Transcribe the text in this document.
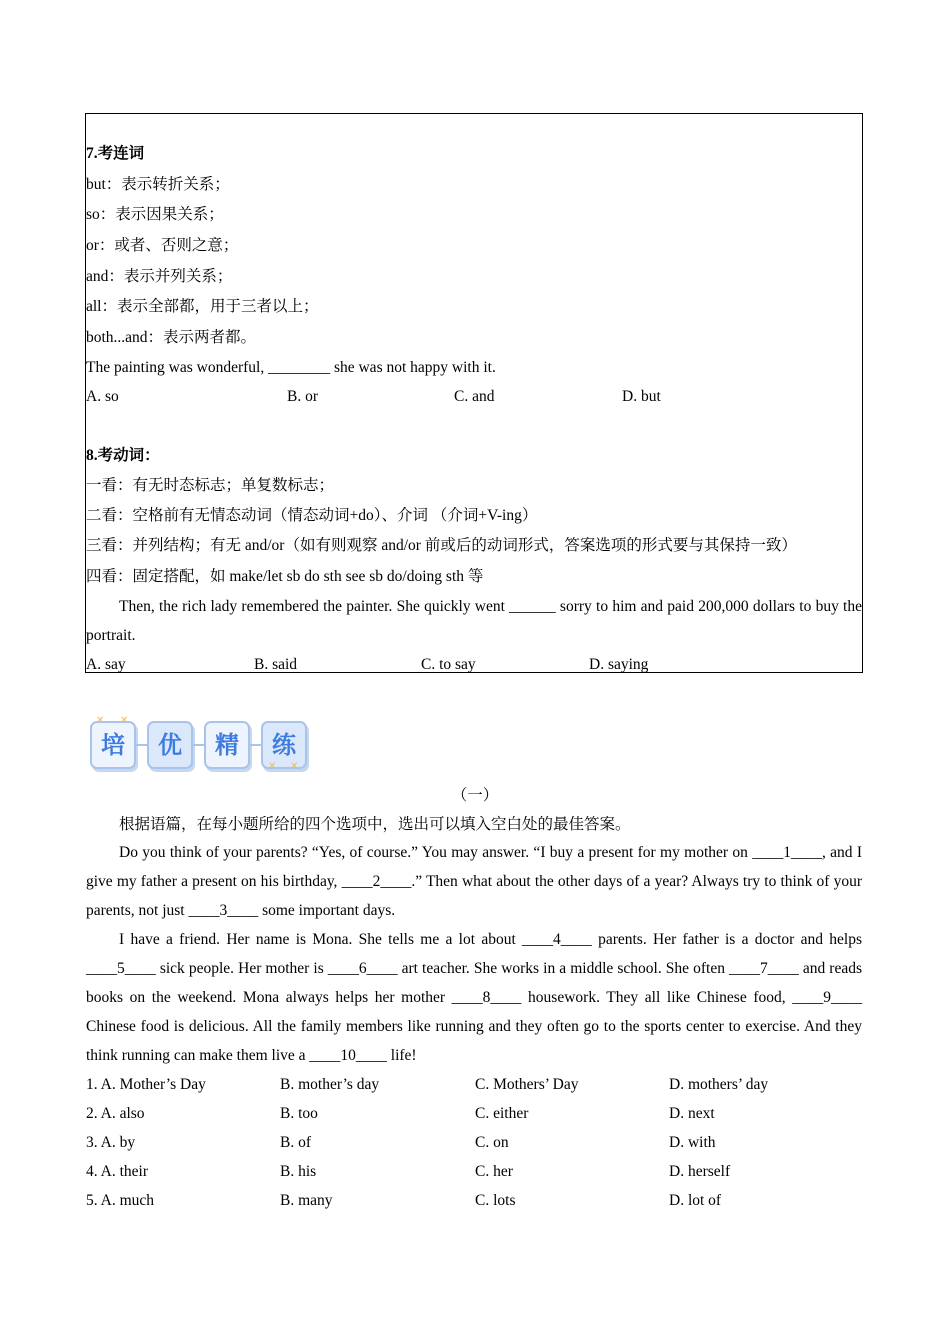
7.考连词
but：表示转折关系；
so：表示因果关系；
or：或者、否则之意；
and：表示并列关系；
all：表示全部都，用于三者以上；
both...and：表示两者都。
The painting was wonderful, ________ she was not happy with it.
A. so	B. or	C. and	D. but
8.考动词：
一看：有无时态标志；单复数标志；
二看：空格前有无情态动词（情态动词+do）、介词 （介词+V-ing）
三看：并列结构；有无 and/or（如有则观察 and/or 前或后的动词形式，答案选项的形式要与其保持一致）
四看：固定搭配，如 make/let sb do sth see sb do/doing sth 等
Then, the rich lady remembered the painter. She quickly went ______ sorry to him and paid 200,000 dollars to buy the portrait.
A. say	B. said	C. to say	D. saying
培	优	精	练
✕ ✕
（一）
根据语篇，在每小题所给的四个选项中，选出可以填入空白处的最佳答案。
Do you think of your parents? “Yes, of course.” You may answer. “I buy a present for my mother on ____1____, and I give my father a present on his birthday, ____2____.” Then what about the other days of a year? Always try to think of your parents, not just ____3____ some important days.
I have a friend. Her name is Mona. She tells me a lot about ____4____ parents. Her father is a doctor and helps ____5____ sick people. Her mother is ____6____ art teacher. She works in a middle school. She often ____7____ and reads books on the weekend. Mona always helps her mother ____8____ housework. They all like Chinese food, ____9____ Chinese food is delicious. All the family members like running and they often go to the sports center to exercise. And they think running can make them live a ____10____ life!
1. A. Mother’s Day	B. mother’s day	C. Mothers’ Day	D. mothers’ day
2. A. also	B. too	C. either	D. next
3. A. by	B. of	C. on	D. with
4. A. their	B. his	C. her	D. herself
5. A. much	B. many	C. lots	D. lot of
